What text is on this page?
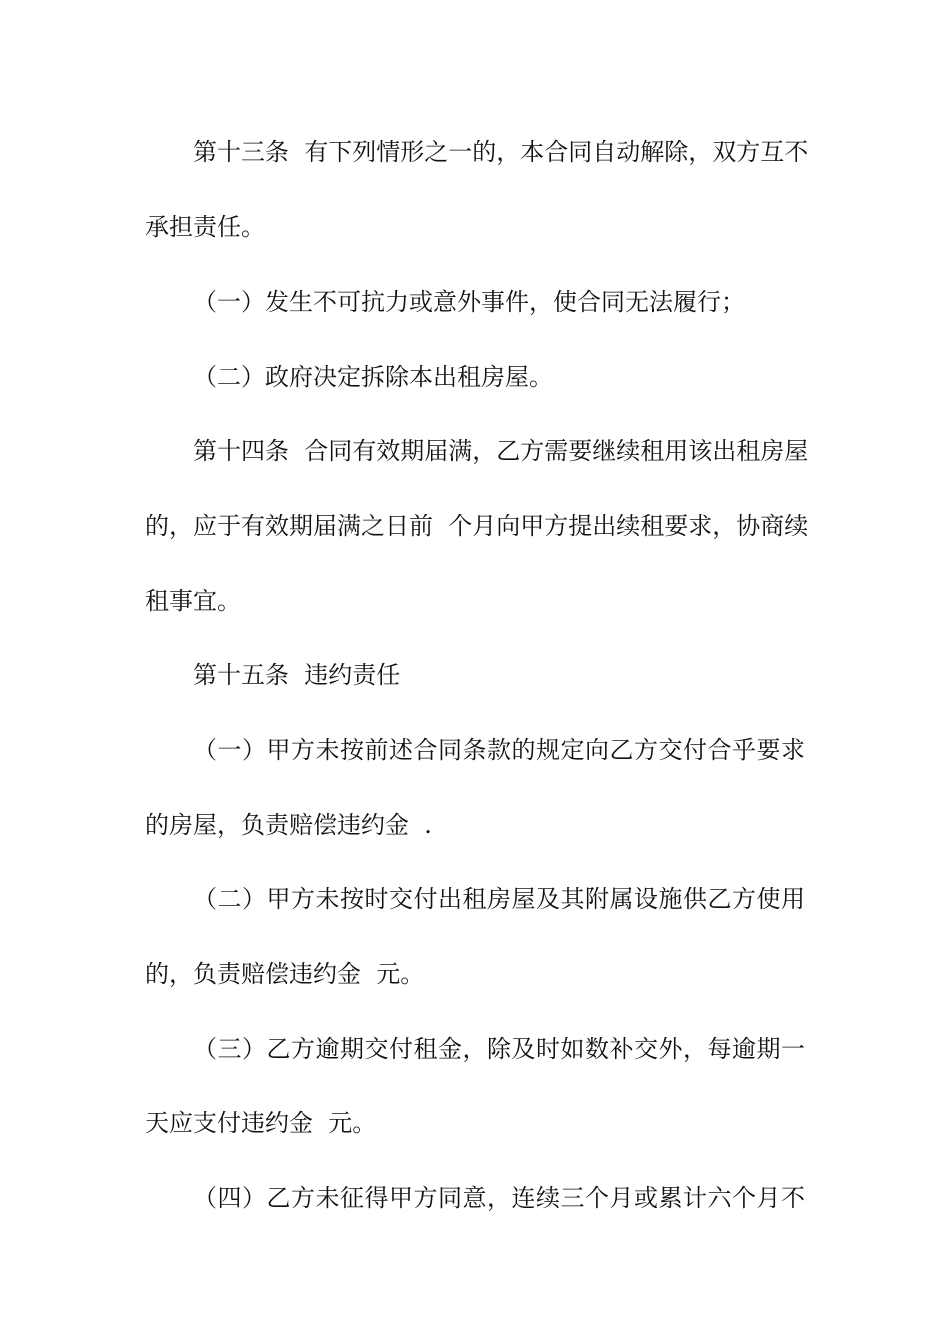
第十三条  有下列情形之一的，本合同自动解除，双方互不
承担责任。
（一）发生不可抗力或意外事件，使合同无法履行；
（二）政府决定拆除本出租房屋。
第十四条  合同有效期届满，乙方需要继续租用该出租房屋
的，应于有效期届满之日前  个月向甲方提出续租要求，协商续
租事宜。
第十五条  违约责任
（一）甲方未按前述合同条款的规定向乙方交付合乎要求
的房屋，负责赔偿违约金  .
（二）甲方未按时交付出租房屋及其附属设施供乙方使用
的，负责赔偿违约金  元。
（三）乙方逾期交付租金，除及时如数补交外，每逾期一
天应支付违约金  元。
（四）乙方未征得甲方同意，连续三个月或累计六个月不
